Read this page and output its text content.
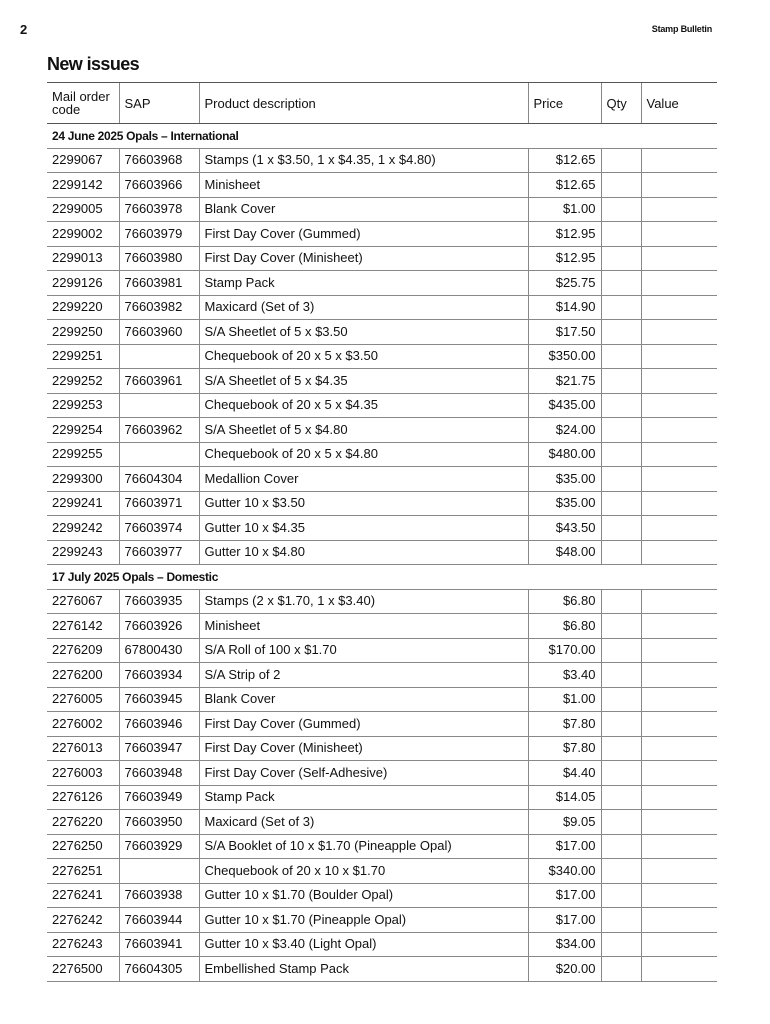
2	Stamp Bulletin
New issues
Mail order code	SAP	Product description	Price	Qty	Value
24 June 2025 Opals – International					
2299067	76603968	Stamps (1 x $3.50, 1 x $4.35, 1 x $4.80)	$12.65		
2299142	76603966	Minisheet	$12.65		
2299005	76603978	Blank Cover	$1.00		
2299002	76603979	First Day Cover (Gummed)	$12.95		
2299013	76603980	First Day Cover (Minisheet)	$12.95		
2299126	76603981	Stamp Pack	$25.75		
2299220	76603982	Maxicard (Set of 3)	$14.90		
2299250	76603960	S/A Sheetlet of 5 x $3.50	$17.50		
2299251		Chequebook of 20 x 5 x $3.50	$350.00		
2299252	76603961	S/A Sheetlet of 5 x $4.35	$21.75		
2299253		Chequebook of 20 x 5 x $4.35	$435.00		
2299254	76603962	S/A Sheetlet of 5 x $4.80	$24.00		
2299255		Chequebook of 20 x 5 x $4.80	$480.00		
2299300	76604304	Medallion Cover	$35.00		
2299241	76603971	Gutter 10 x $3.50	$35.00		
2299242	76603974	Gutter 10 x $4.35	$43.50		
2299243	76603977	Gutter 10 x $4.80	$48.00		
17 July 2025 Opals – Domestic					
2276067	76603935	Stamps (2 x $1.70, 1 x $3.40)	$6.80		
2276142	76603926	Minisheet	$6.80		
2276209	67800430	S/A Roll of 100 x $1.70	$170.00		
2276200	76603934	S/A Strip of 2	$3.40		
2276005	76603945	Blank Cover	$1.00		
2276002	76603946	First Day Cover (Gummed)	$7.80		
2276013	76603947	First Day Cover (Minisheet)	$7.80		
2276003	76603948	First Day Cover (Self-Adhesive)	$4.40		
2276126	76603949	Stamp Pack	$14.05		
2276220	76603950	Maxicard (Set of 3)	$9.05		
2276250	76603929	S/A Booklet of 10 x $1.70 (Pineapple Opal)	$17.00		
2276251		Chequebook of 20 x 10 x $1.70	$340.00		
2276241	76603938	Gutter 10 x $1.70 (Boulder Opal)	$17.00		
2276242	76603944	Gutter 10 x $1.70 (Pineapple Opal)	$17.00		
2276243	76603941	Gutter 10 x $3.40 (Light Opal)	$34.00		
2276500	76604305	Embellished Stamp Pack	$20.00		
